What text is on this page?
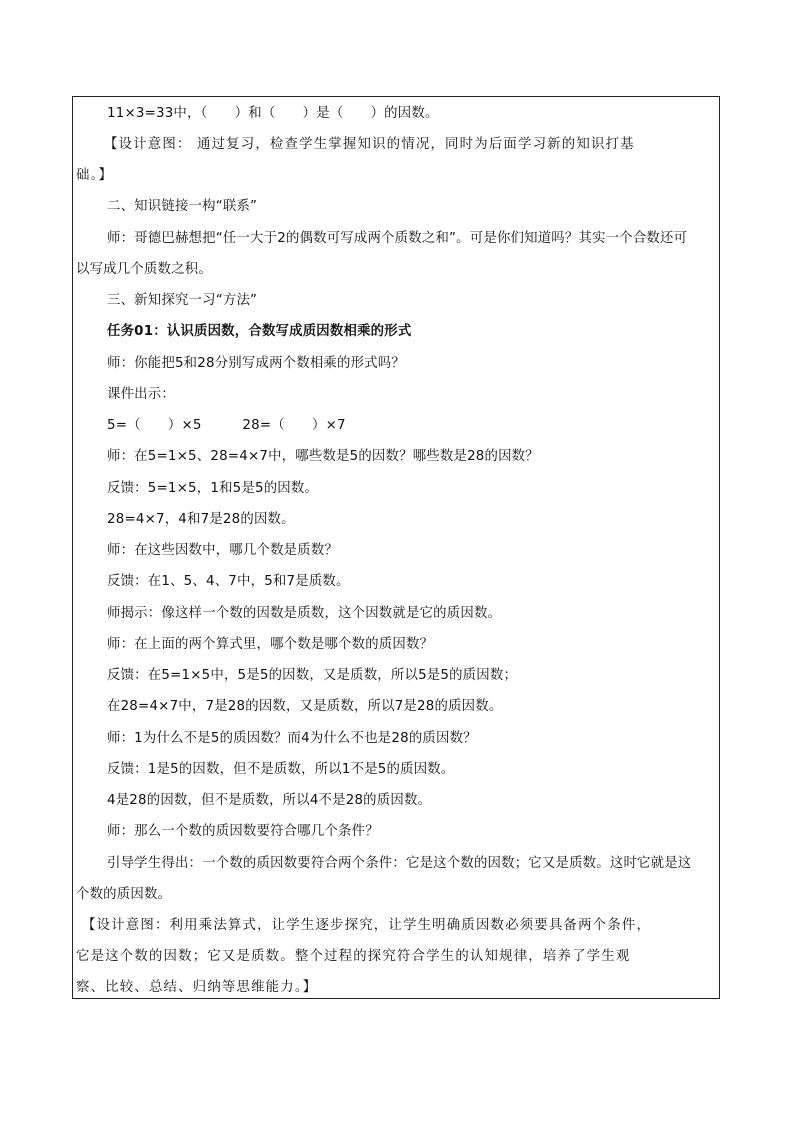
11×3=33中，（　　）和（　　）是（　　）的因数。
【设计意图： 通过复习，检查学生掌握知识的情况，同时为后面学习新的知识打基
础。】
二、知识链接一构“联系”
师：哥德巴赫想把“任一大于2的偶数可写成两个质数之和”。可是你们知道吗？其实一个合数还可
以写成几个质数之积。
三、新知探究一习“方法”
任务01：认识质因数，合数写成质因数相乘的形式
师：你能把5和28分别写成两个数相乘的形式吗？
课件出示：
5=（　　）×5　　　28=（　　）×7
师：在5=1×5、28=4×7中，哪些数是5的因数？哪些数是28的因数？
反馈：5=1×5，1和5是5的因数。
28=4×7，4和7是28的因数。
师：在这些因数中，哪几个数是质数？
反馈：在1、5、4、7中，5和7是质数。
师揭示：像这样一个数的因数是质数，这个因数就是它的质因数。
师：在上面的两个算式里，哪个数是哪个数的质因数？
反馈：在5=1×5中，5是5的因数，又是质数，所以5是5的质因数；
在28=4×7中，7是28的因数，又是质数，所以7是28的质因数。
师：1为什么不是5的质因数？而4为什么不也是28的质因数？
反馈：1是5的因数，但不是质数，所以1不是5的质因数。
4是28的因数，但不是质数，所以4不是28的质因数。
师：那么一个数的质因数要符合哪几个条件？
引导学生得出：一个数的质因数要符合两个条件：它是这个数的因数；它又是质数。这时它就是这
个数的质因数。
【设计意图：利用乘法算式，让学生逐步探究，让学生明确质因数必须要具备两个条件，
它是这个数的因数；它又是质数。整个过程的探究符合学生的认知规律，培养了学生观
察、比较、总结、归纳等思维能力。】
